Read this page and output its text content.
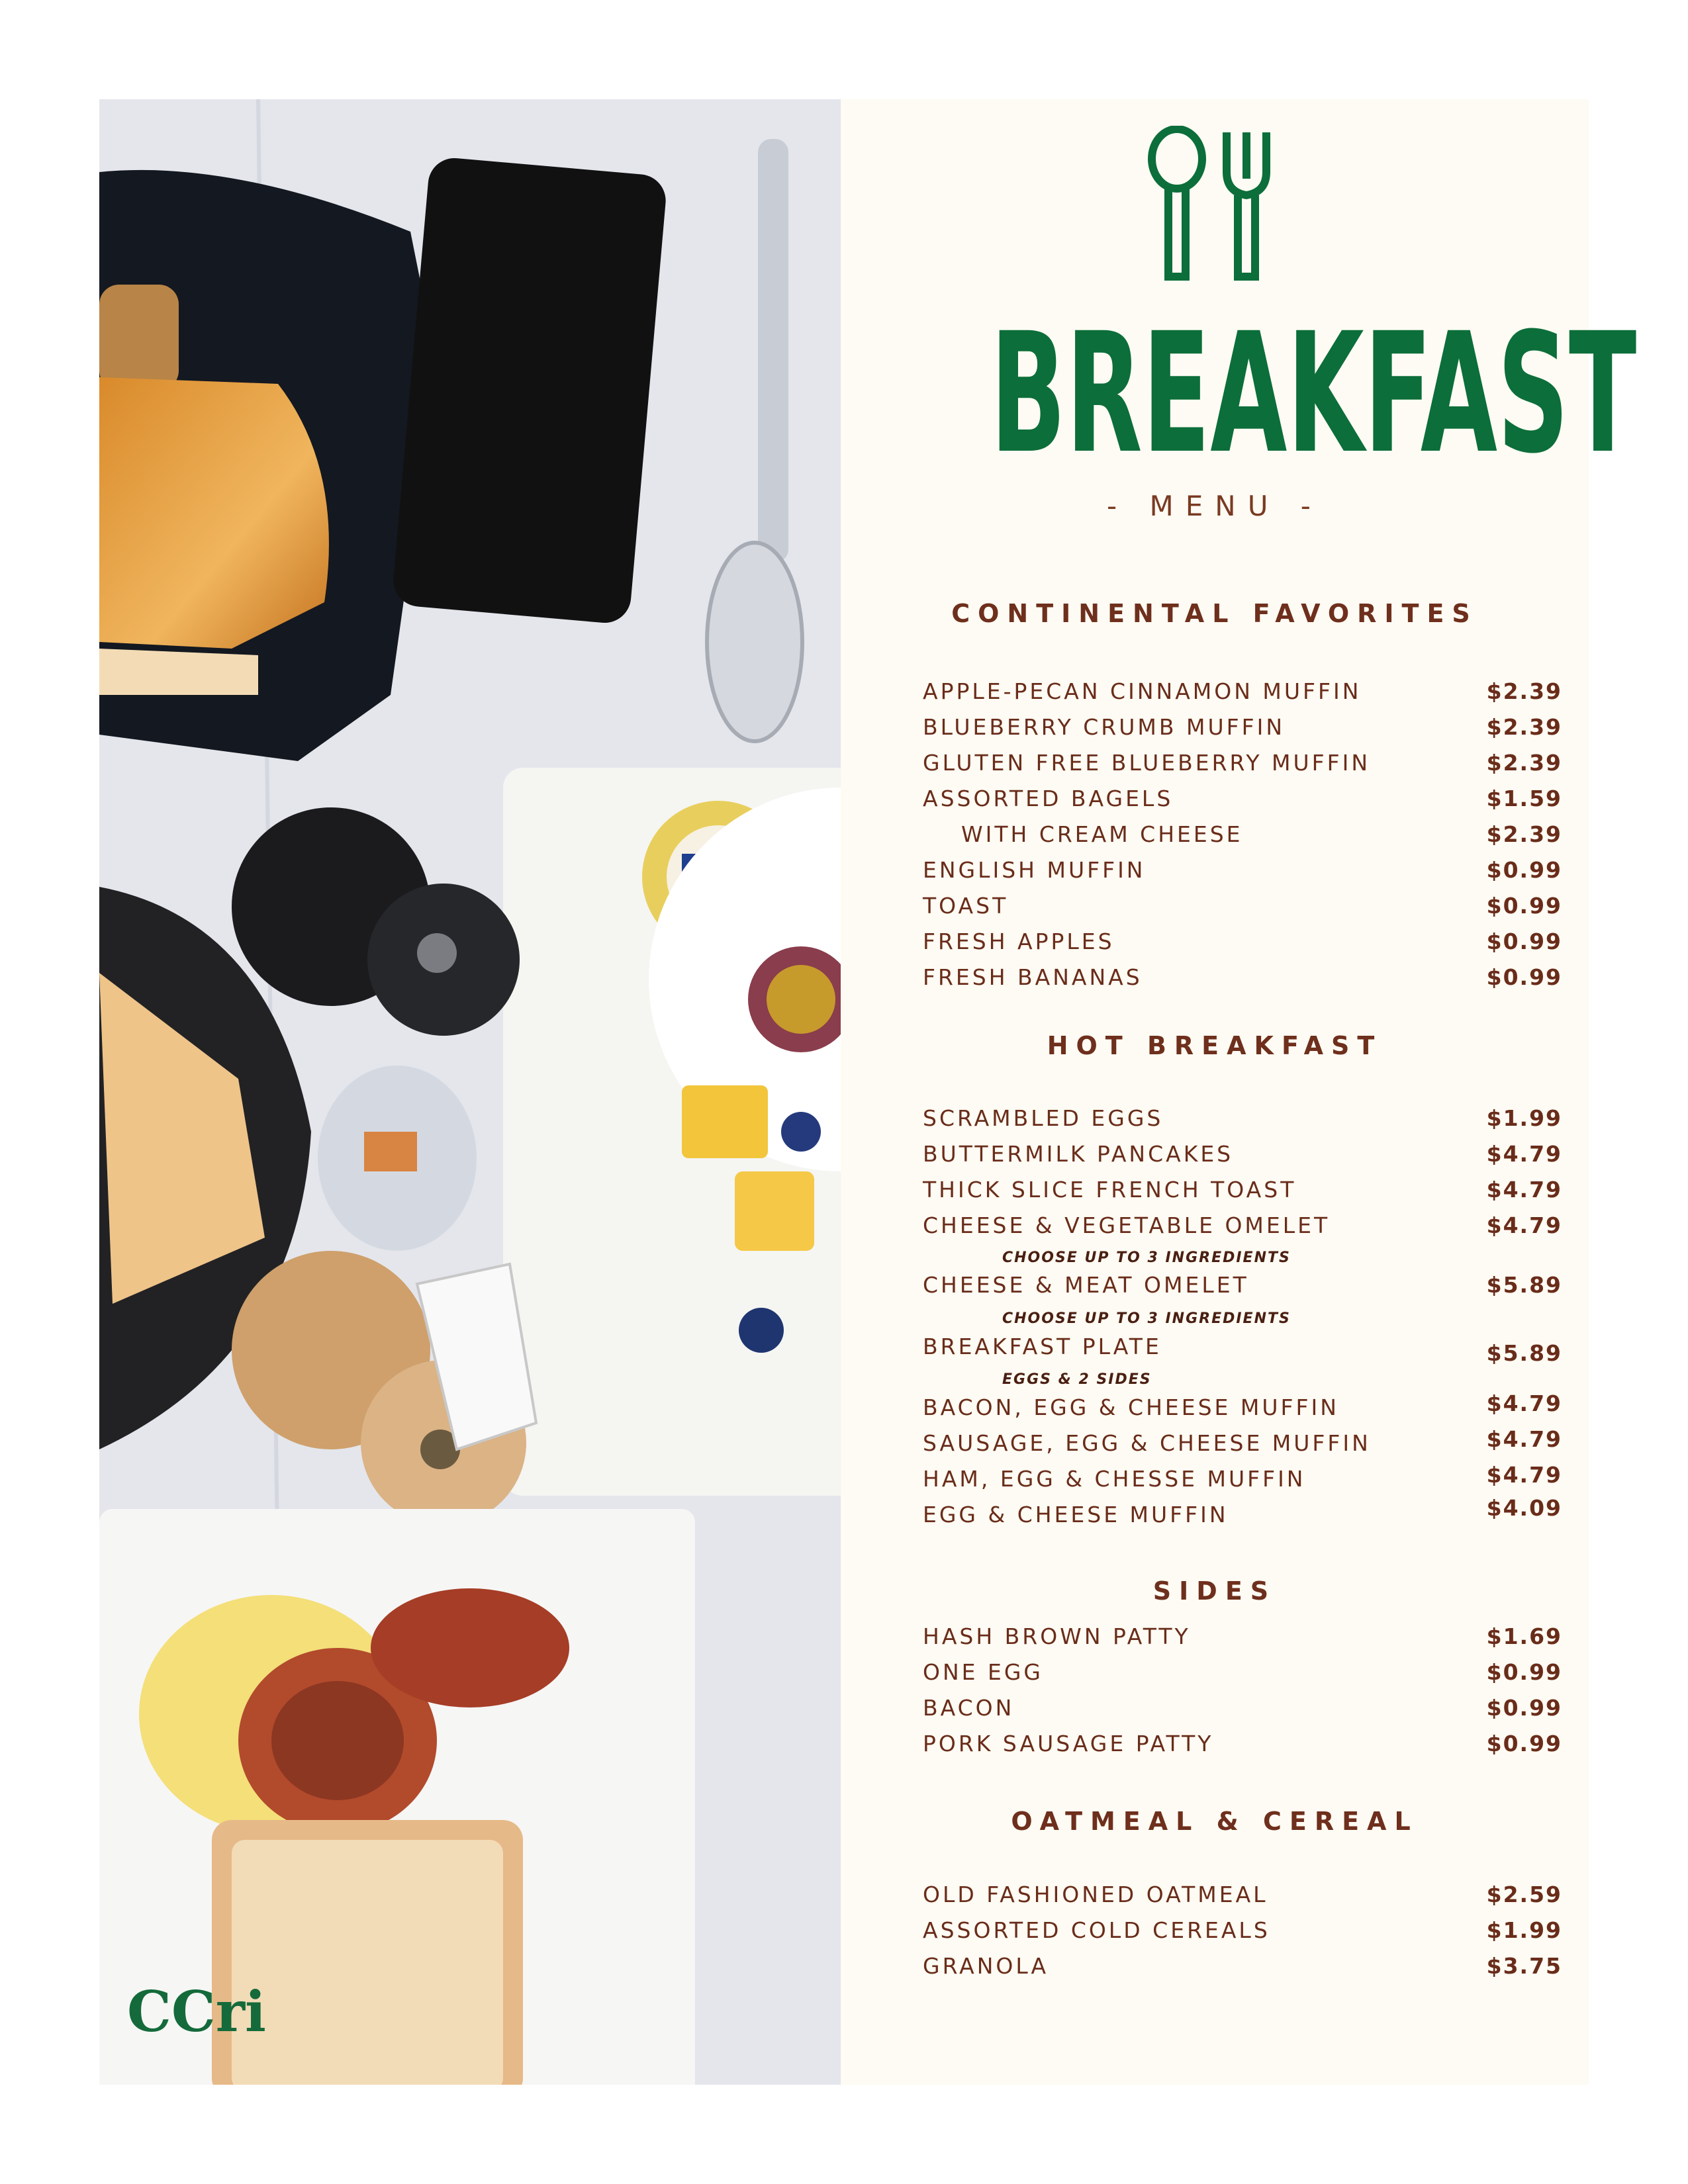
CCri
BREAKFAST
- MENU -
CONTINENTAL FAVORITES
APPLE-PECAN CINNAMON MUFFIN	$2.39
BLUEBERRY CRUMB MUFFIN	$2.39
GLUTEN FREE BLUEBERRY MUFFIN	$2.39
ASSORTED BAGELS	$1.59
WITH CREAM CHEESE	$2.39
ENGLISH MUFFIN	$0.99
TOAST	$0.99
FRESH APPLES	$0.99
FRESH BANANAS	$0.99
HOT BREAKFAST
SCRAMBLED EGGS	$1.99
BUTTERMILK PANCAKES	$4.79
THICK SLICE FRENCH TOAST	$4.79
CHEESE & VEGETABLE OMELET	$4.79
CHOOSE UP TO 3 INGREDIENTS
CHEESE & MEAT OMELET	$5.89
CHOOSE UP TO 3 INGREDIENTS
BREAKFAST PLATE	$5.89
EGGS & 2 SIDES
BACON, EGG & CHEESE MUFFIN	$4.79
SAUSAGE, EGG & CHEESE MUFFIN	$4.79
HAM, EGG & CHESSE MUFFIN	$4.79
EGG & CHEESE MUFFIN	$4.09
SIDES
HASH BROWN PATTY	$1.69
ONE EGG	$0.99
BACON	$0.99
PORK SAUSAGE PATTY	$0.99
OATMEAL & CEREAL
OLD FASHIONED OATMEAL	$2.59
ASSORTED COLD CEREALS	$1.99
GRANOLA	$3.75
